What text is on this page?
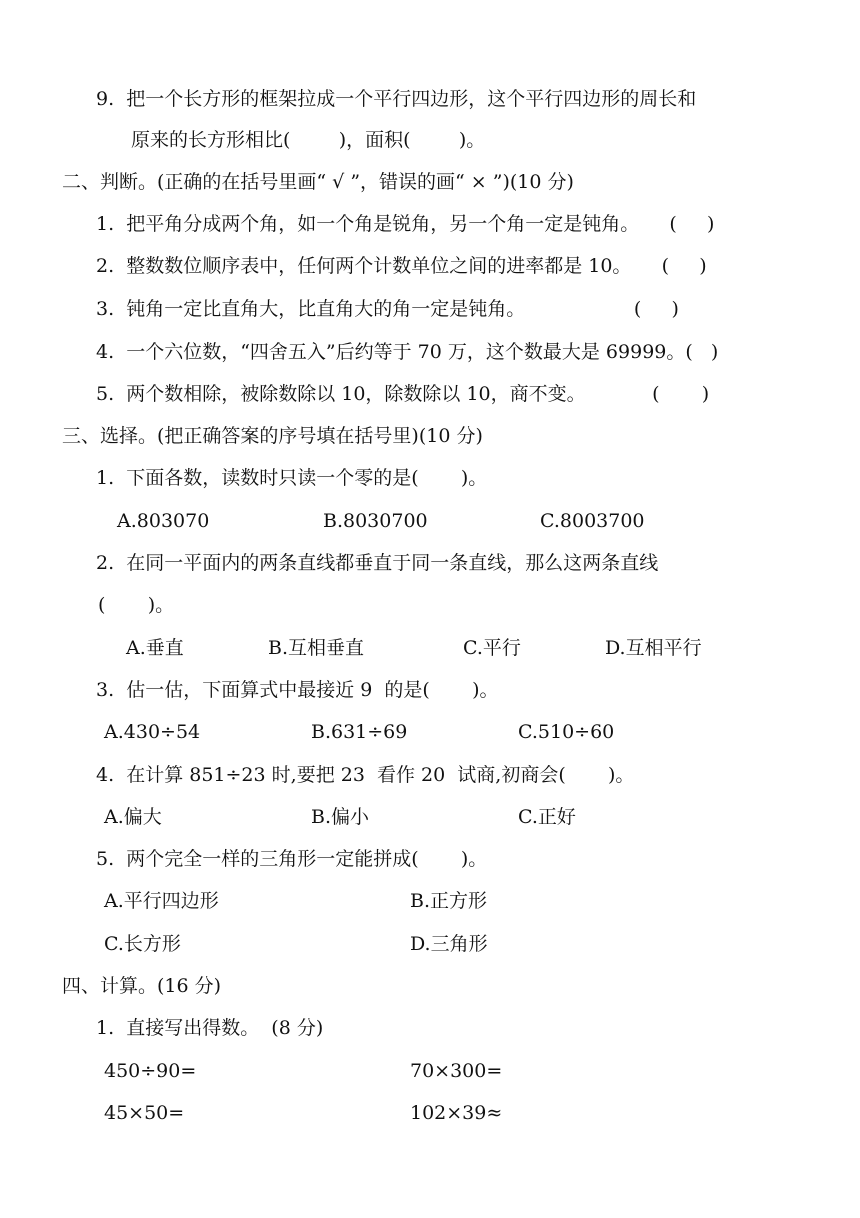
9.  把一个长方形的框架拉成一个平行四边形，这个平行四边形的周长和
原来的长方形相比(        )，面积(        )。
二、判断。(正确的在括号里画“ √ ”，错误的画“ × ”)(10 分)
1.  把平角分成两个角，如一个角是锐角，另一个角一定是钝角。     (     )
2.  整数数位顺序表中，任何两个计数单位之间的进率都是 10。     (     )
3.  钝角一定比直角大，比直角大的角一定是钝角。                  (     )
4.  一个六位数，“四舍五入”后约等于 70 万，这个数最大是 69999。(   )
5.  两个数相除，被除数除以 10，除数除以 10，商不变。           (       )
三、选择。(把正确答案的序号填在括号里)(10 分)
1.  下面各数，读数时只读一个零的是(       )。
A.803070	B.8030700	C.8003700
2.  在同一平面内的两条直线都垂直于同一条直线，那么这两条直线
(       )。
A.垂直	B.互相垂直	C.平行	D.互相平行
3.  估一估，下面算式中最接近 9  的是(       )。
A.430÷54	B.631÷69	C.510÷60
4.  在计算 851÷23 时,要把 23  看作 20  试商,初商会(       )。
A.偏大	B.偏小	C.正好
5.  两个完全一样的三角形一定能拼成(       )。
A.平行四边形	B.正方形
C.长方形	D.三角形
四、计算。(16 分)
1.  直接写出得数。  (8 分)
450÷90=	70×300=
45×50=	102×39≈
